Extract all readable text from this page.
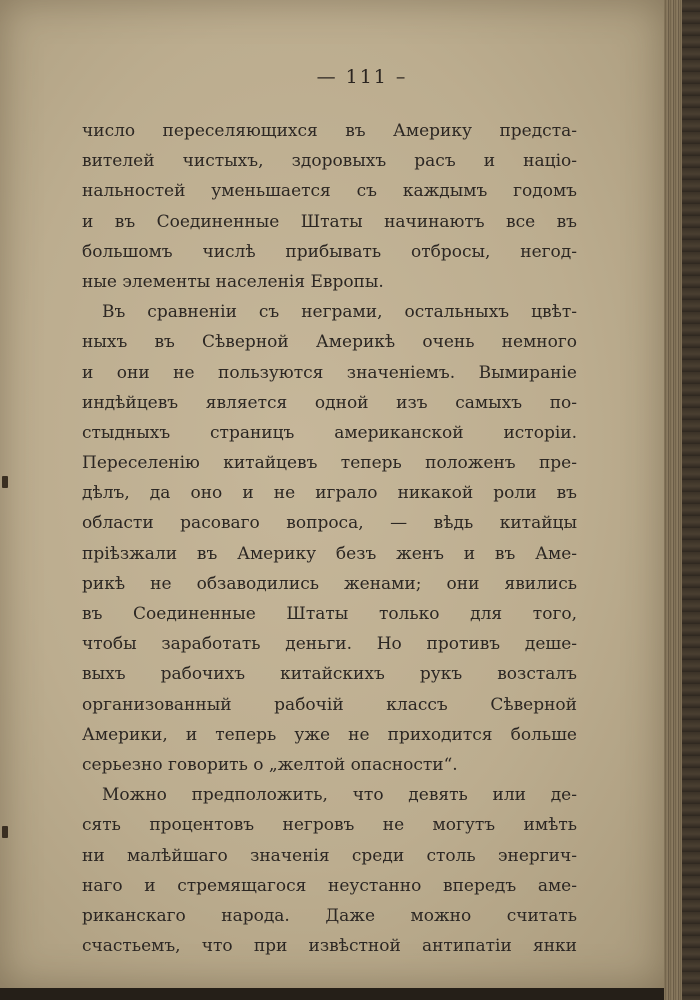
— 111 –
число переселяющихся въ Америку предста-
вителей чистыхъ, здоровыхъ расъ и націо-
нальностей уменьшается съ каждымъ годомъ
и въ Соединенные Штаты начинаютъ все въ
большомъ числѣ прибывать отбросы, негод-
ные элементы населенія Европы.
Въ сравненіи съ неграми, остальныхъ цвѣт-
ныхъ въ Сѣверной Америкѣ очень немного
и они не пользуются значеніемъ. Вымираніе
индѣйцевъ является одной изъ самыхъ по-
стыдныхъ страницъ американской исторіи.
Переселенію китайцевъ теперь положенъ пре-
дѣлъ, да оно и не играло никакой роли въ
области расоваго вопроса, — вѣдь китайцы
пріѣзжали въ Америку безъ женъ и въ Аме-
рикѣ не обзаводились женами; они явились
въ Соединенные Штаты только для того,
чтобы заработать деньги. Но противъ деше-
выхъ рабочихъ китайскихъ рукъ возсталъ
организованный рабочій классъ Сѣверной
Америки, и теперь уже не приходится больше
серьезно говорить о „желтой опасности“.
Можно предположить, что девять или де-
сять процентовъ негровъ не могутъ имѣть
ни малѣйшаго значенія среди столь энергич-
наго и стремящагося неустанно впередъ аме-
риканскаго народа. Даже можно считать
счастьемъ, что при извѣстной антипатіи янки
